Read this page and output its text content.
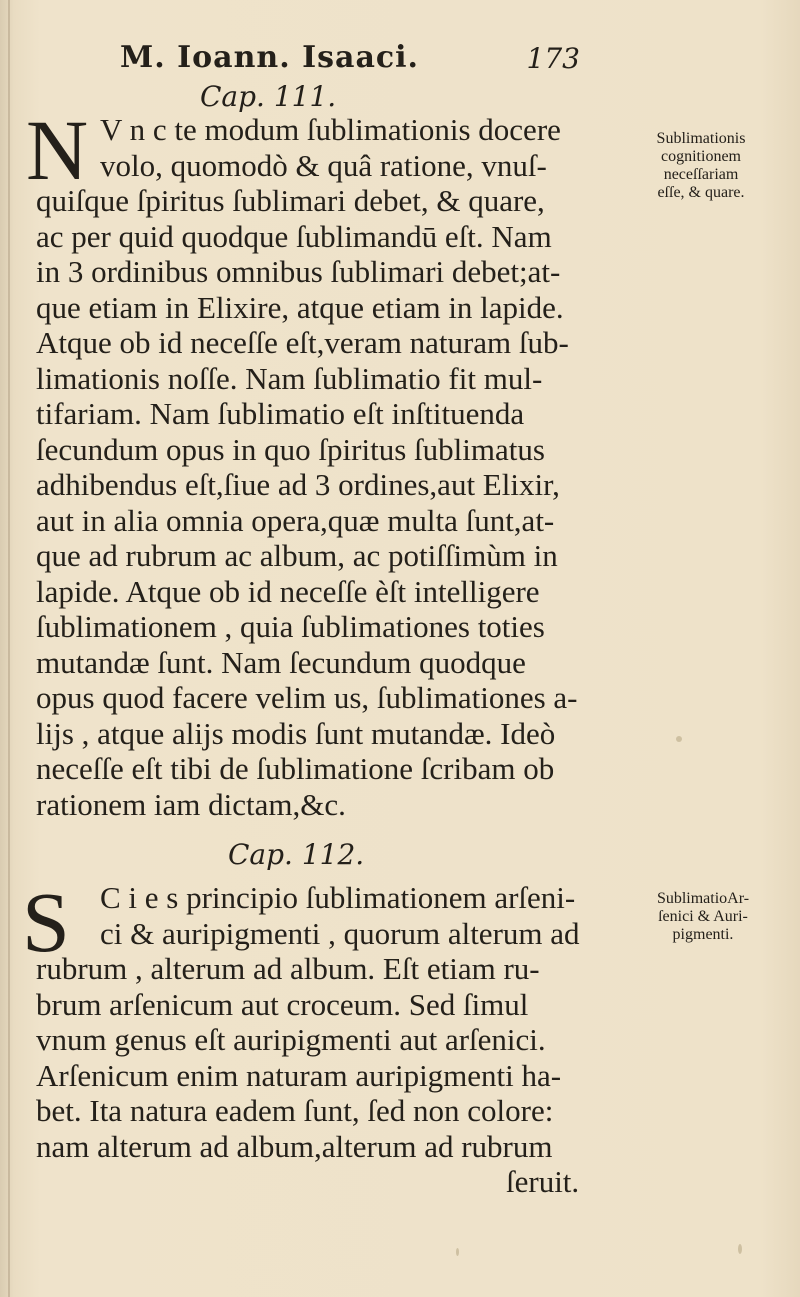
M. Ioann. Isaaci.	173
Cap. 111.
N V n c te modum ſublimationis docere
volo, quomodò & quâ ratione, vnuſ-
quiſque ſpiritus ſublimari debet, & quare,
ac per quid quodque ſublimandū eſt. Nam
in 3 ordinibus omnibus ſublimari debet;at-
que etiam in Elixire, atque etiam in lapide.
Atque ob id neceſſe eſt,veram naturam ſub-
limationis noſſe. Nam ſublimatio fit mul-
tifariam. Nam ſublimatio eſt inſtituenda
ſecundum opus in quo ſpiritus ſublimatus
adhibendus eſt,ſiue ad 3 ordines,aut Elixir,
aut in alia omnia opera,quæ multa ſunt,at-
que ad rubrum ac album, ac potiſſimùm in
lapide. Atque ob id neceſſe èſt intelligere
ſublimationem , quia ſublimationes toties
mutandæ ſunt. Nam ſecundum quodque
opus quod facere velim us, ſublimationes a-
lijs , atque alijs modis ſunt mutandæ. Ideò
neceſſe eſt tibi de ſublimatione ſcribam ob
rationem iam dictam,&c.
Sublimationis
cognitionem
neceſſariam
eſſe, & quare.
Cap. 112.
S C i e s principio ſublimationem arſeni-
ci & auripigmenti , quorum alterum ad
rubrum , alterum ad album. Eſt etiam ru-
brum arſenicum aut croceum. Sed ſimul
vnum genus eſt auripigmenti aut arſenici.
Arſenicum enim naturam auripigmenti ha-
bet. Ita natura eadem ſunt, ſed non colore:
nam alterum ad album,alterum ad rubrum
ſeruit.
SublimatioAr-
ſenici & Auri-
pigmenti.
